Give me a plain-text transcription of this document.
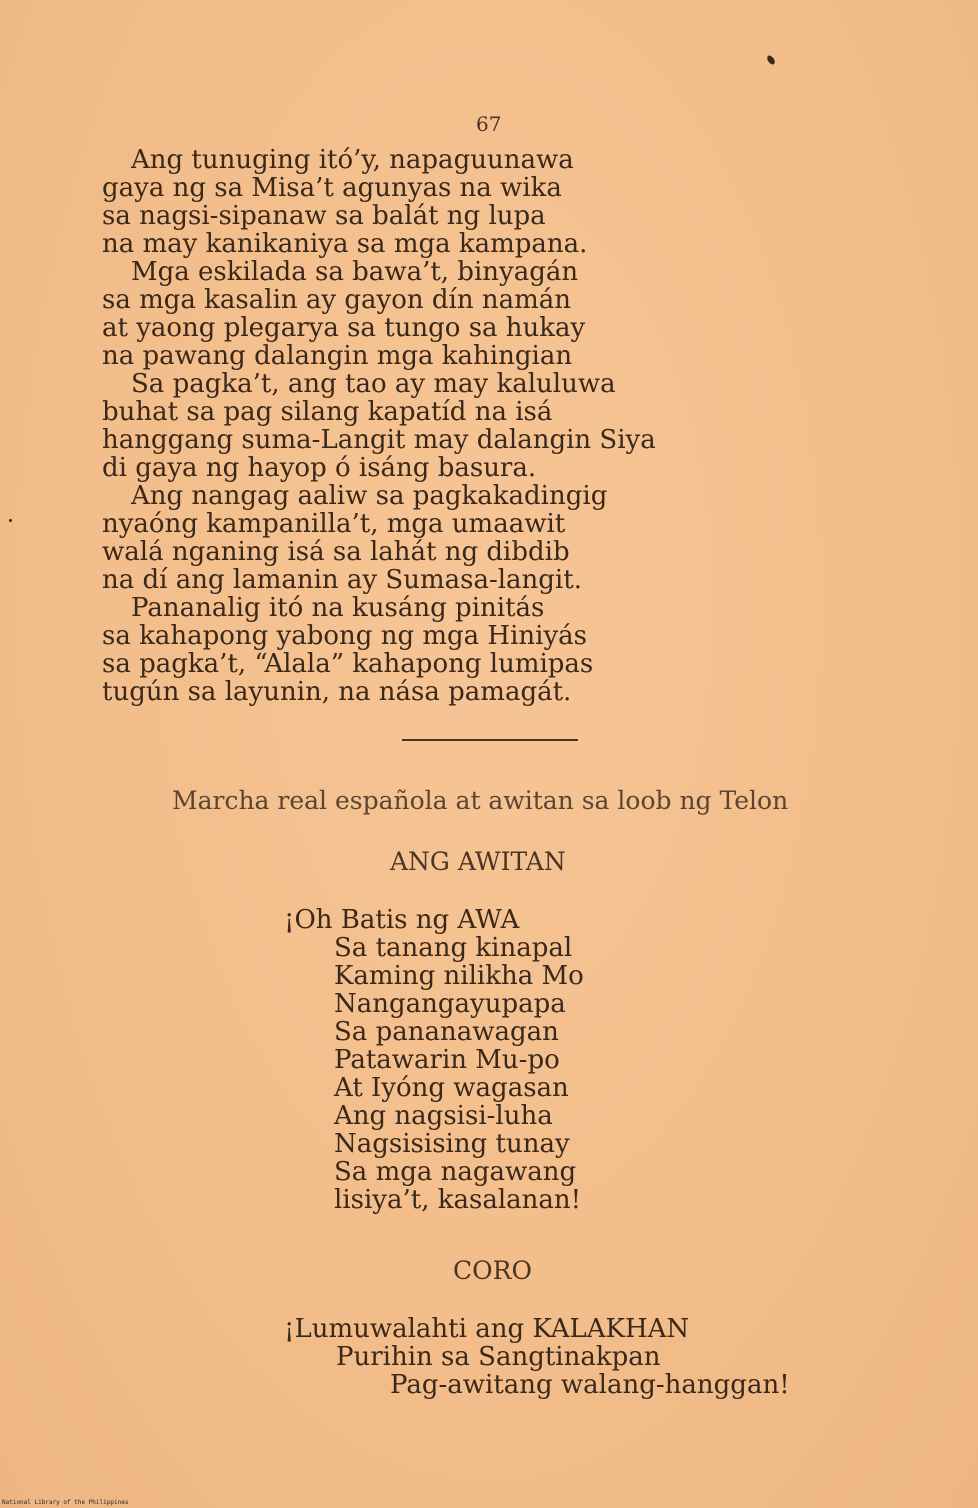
67
Ang tunuging itó’y, napaguunawa
gaya ng sa Misa’t agunyas na wika
sa nagsi-sipanaw sa balát ng lupa
na may kanikaniya sa mga kampana.
Mga eskilada sa bawa’t, binyagán
sa mga kasalin ay gayon dín namán
at yaong plegarya sa tungo sa hukay
na pawang dalangin mga kahingian
Sa pagka’t, ang tao ay may kaluluwa
buhat sa pag silang kapatíd na isá
hanggang suma-Langit may dalangin Siya
di gaya ng hayop ó isáng basura.
Ang nangag aaliw sa pagkakadingig
nyaóng kampanilla’t, mga umaawit
walá nganing isá sa lahát ng dibdib
na dí ang lamanin ay Sumasa-langit.
Pananalig itó na kusáng pinitás
sa kahapong yabong ng mga Hiniyás
sa pagka’t, “Alala” kahapong lumipas
tugún sa layunin, na nása pamagát.
Marcha real española at awitan sa loob ng Telon
ANG AWITAN
¡Oh Batis ng AWA
Sa tanang kinapal
Kaming nilikha Mo
Nangangayupapa
Sa pananawagan
Patawarin Mu-po
At Iyóng wagasan
Ang nagsisi-luha
Nagsisising tunay
Sa mga nagawang
lisiya’t, kasalanan!
CORO
¡Lumuwalahti ang KALAKHAN
Purihin sa Sangtinakpan
Pag-awitang walang-hanggan!
National Library of the Philippines
